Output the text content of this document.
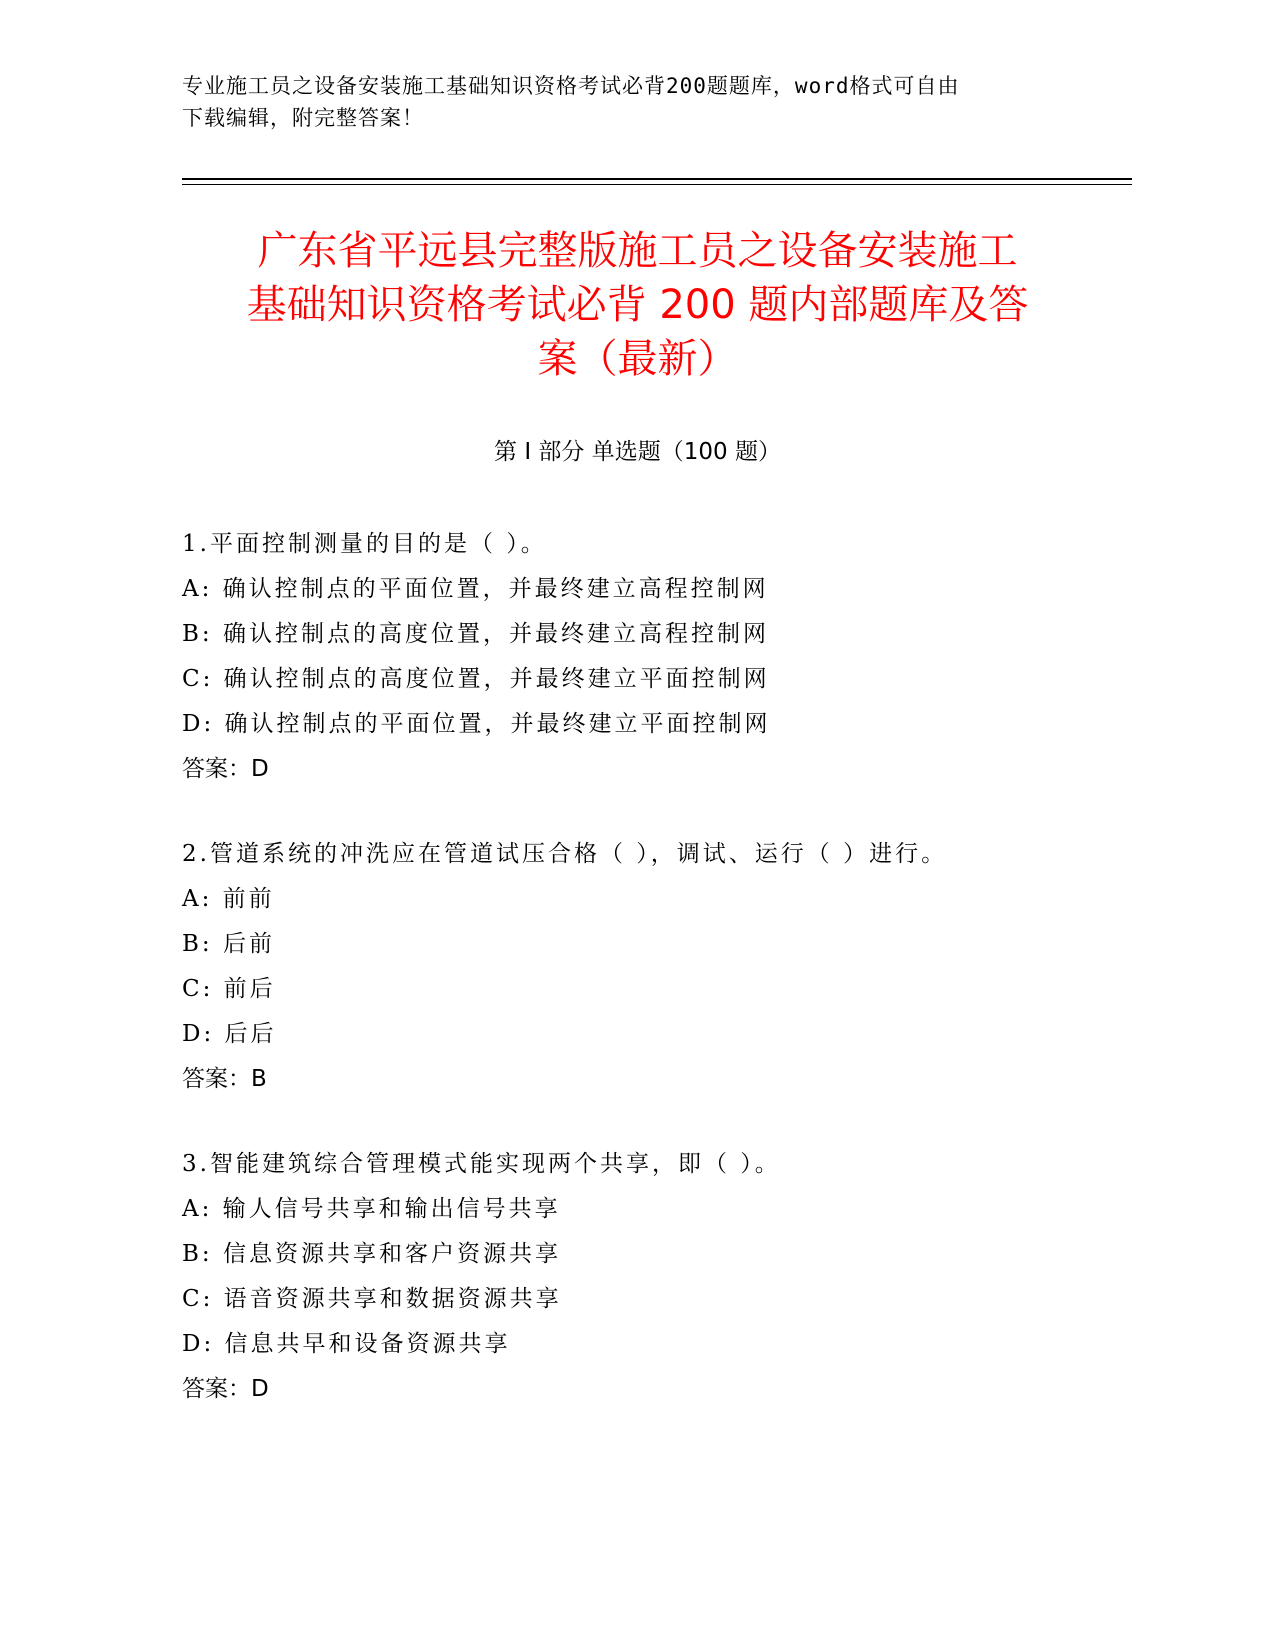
专业施工员之设备安装施工基础知识资格考试必背200题题库，word格式可自由
下载编辑，附完整答案！
广东省平远县完整版施工员之设备安装施工
基础知识资格考试必背 200 题内部题库及答
案（最新）
第 I 部分 单选题（100 题）
1.平面控制测量的目的是（ ）。
A: 确认控制点的平面位置，并最终建立高程控制网
B: 确认控制点的高度位置，并最终建立高程控制网
C: 确认控制点的高度位置，并最终建立平面控制网
D: 确认控制点的平面位置，并最终建立平面控制网
答案：D
2.管道系统的冲洗应在管道试压合格（ ），调试、运行（ ）进行。
A: 前前
B: 后前
C: 前后
D: 后后
答案：B
3.智能建筑综合管理模式能实现两个共享，即（ ）。
A: 输人信号共享和输出信号共享
B: 信息资源共享和客户资源共享
C: 语音资源共享和数据资源共享
D: 信息共早和设备资源共享
答案：D
